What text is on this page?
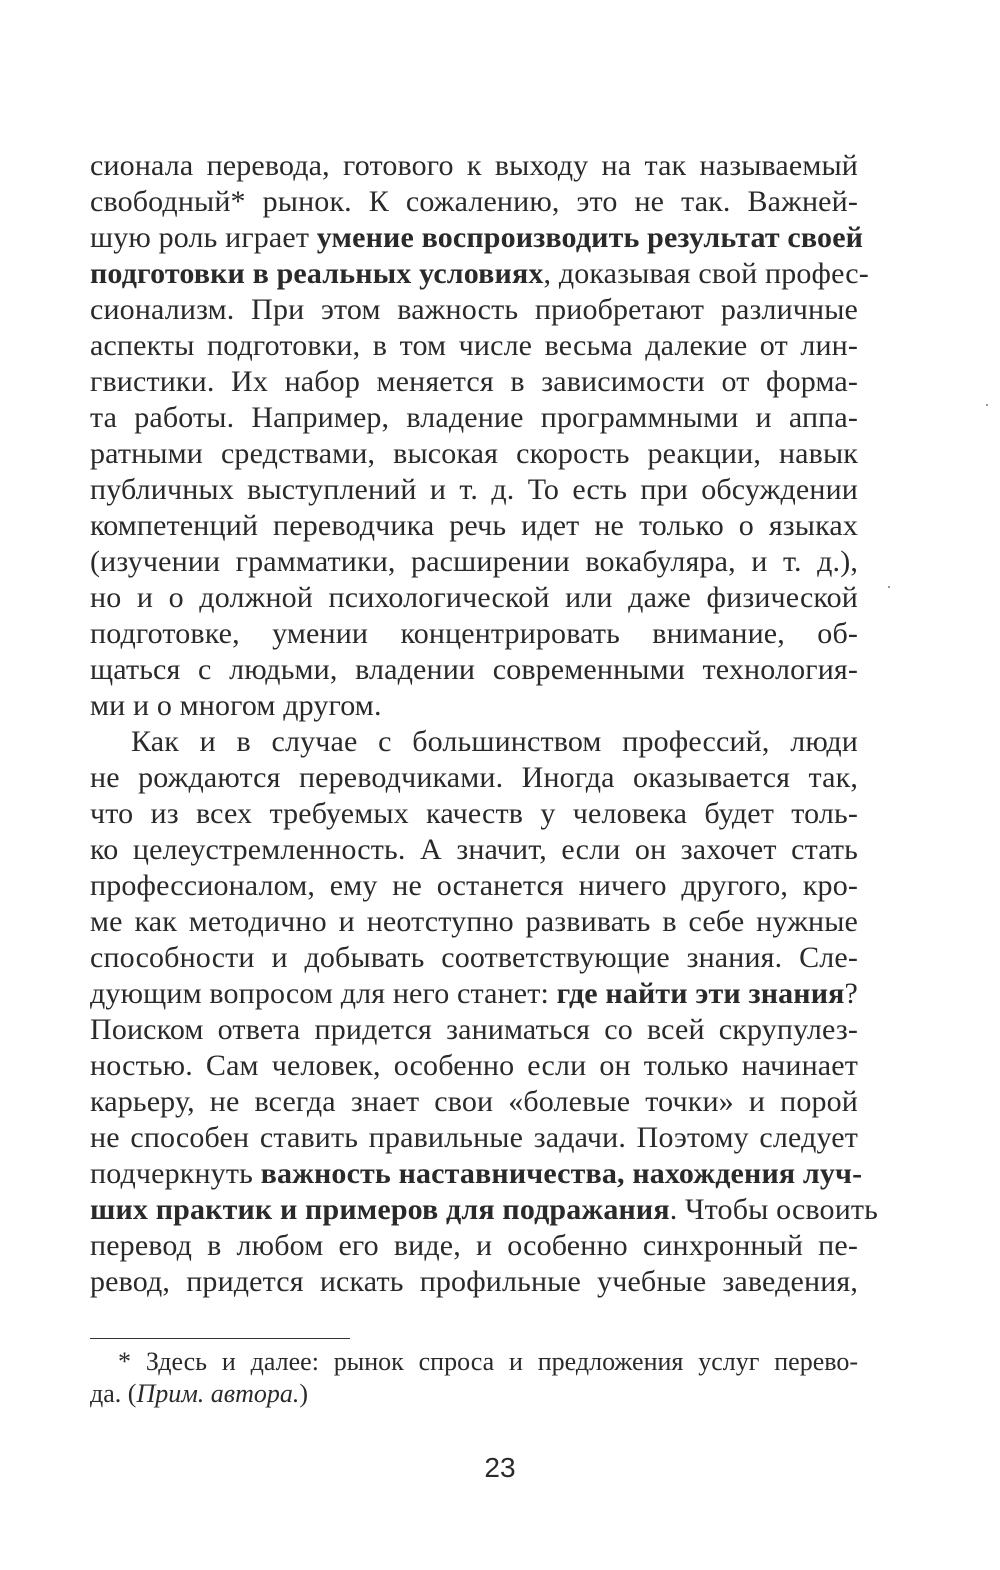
сионала перевода, готового к выходу на так называемый
свободный* рынок. К сожалению, это не так. Важней-
шую роль играет умение воспроизводить результат своей
подготовки в реальных условиях, доказывая свой профес-
сионализм. При этом важность приобретают различные
аспекты подготовки, в том числе весьма далекие от лин-
гвистики. Их набор меняется в зависимости от форма-
та работы. Например, владение программными и аппа-
ратными средствами, высокая скорость реакции, навык
публичных выступлений и т. д. То есть при обсуждении
компетенций переводчика речь идет не только о языках
(изучении грамматики, расширении вокабуляра, и т. д.),
но и о должной психологической или даже физической
подготовке, умении концентрировать внимание, об-
щаться с людьми, владении современными технология-
ми и о многом другом.
Как и в случае с большинством профессий, люди
не рождаются переводчиками. Иногда оказывается так,
что из всех требуемых качеств у человека будет толь-
ко целеустремленность. А значит, если он захочет стать
профессионалом, ему не останется ничего другого, кро-
ме как методично и неотступно развивать в себе нужные
способности и добывать соответствующие знания. Сле-
дующим вопросом для него станет: где найти эти знания?
Поиском ответа придется заниматься со всей скрупулез-
ностью. Сам человек, особенно если он только начинает
карьеру, не всегда знает свои «болевые точки» и порой
не способен ставить правильные задачи. Поэтому следует
подчеркнуть важность наставничества, нахождения луч-
ших практик и примеров для подражания. Чтобы освоить
перевод в любом его виде, и особенно синхронный пе-
ревод, придется искать профильные учебные заведения,
* Здесь и далее: рынок спроса и предложения услуг перево-
да. (Прим. автора.)
23
